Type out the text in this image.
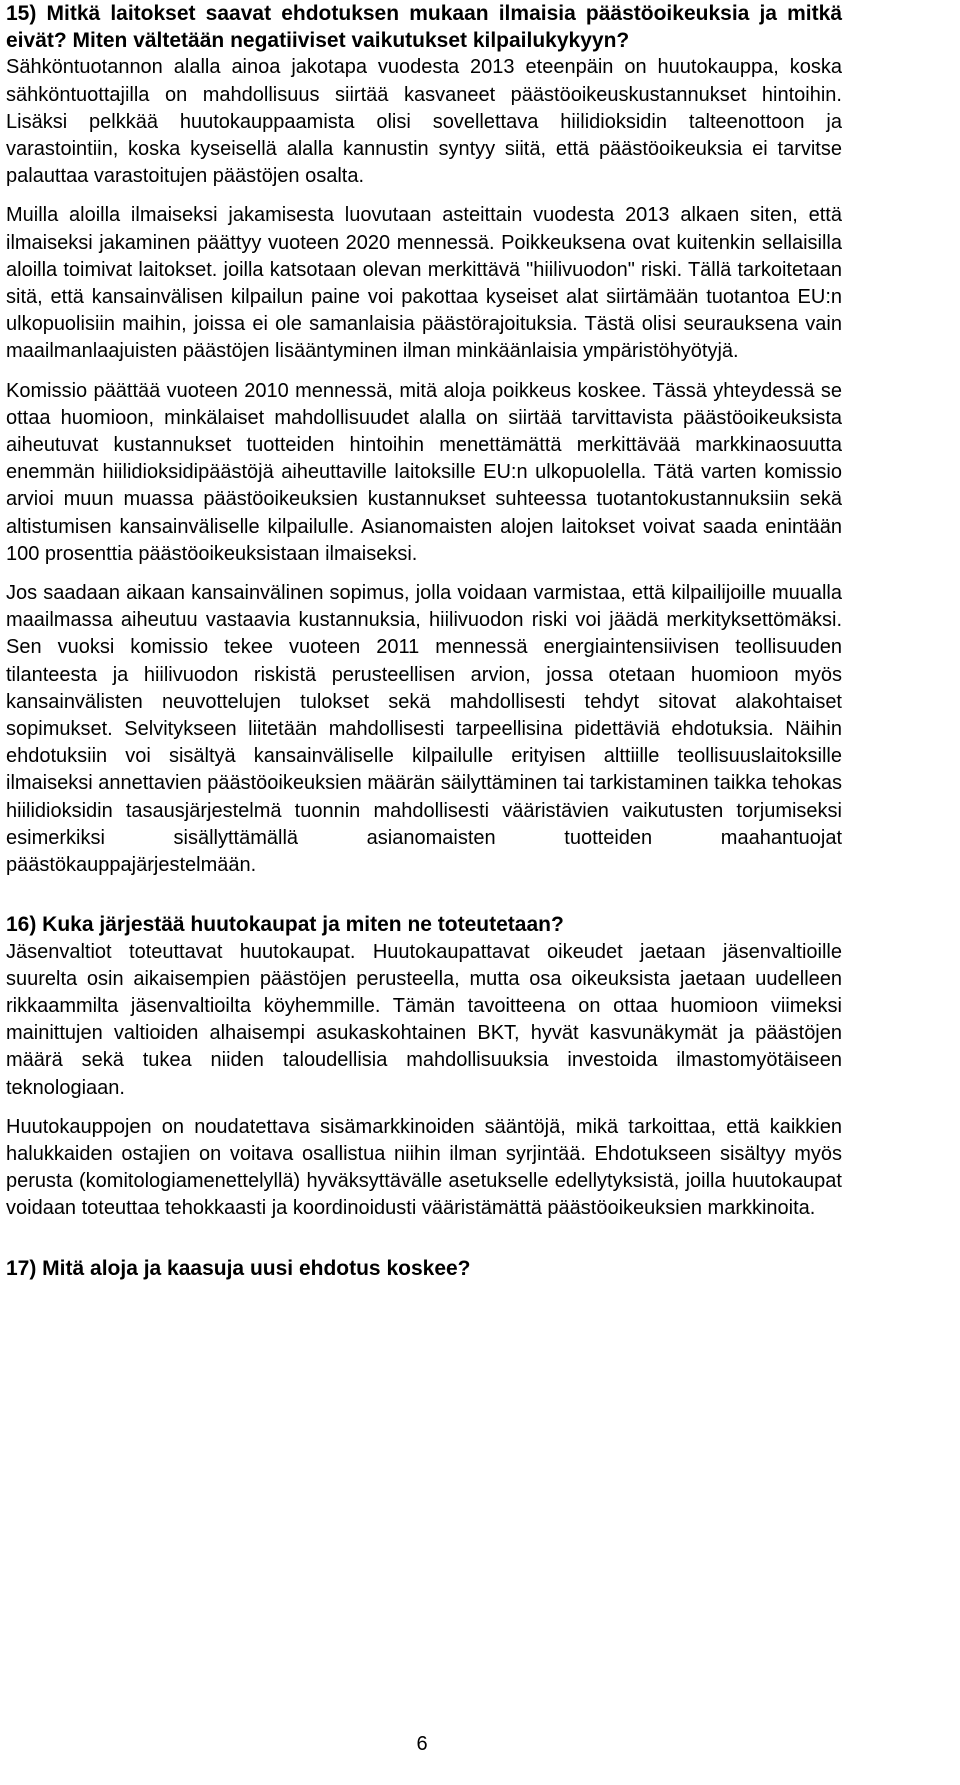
15) Mitkä laitokset saavat ehdotuksen mukaan ilmaisia päästöoikeuksia ja mitkä eivät? Miten vältetään negatiiviset vaikutukset kilpailukykyyn?

Sähköntuotannon alalla ainoa jakotapa vuodesta 2013 eteenpäin on huutokauppa, koska sähköntuottajilla on mahdollisuus siirtää kasvaneet päästöoikeuskustannukset hintoihin. Lisäksi pelkkää huutokauppaamista olisi sovellettava hiilidioksidin talteenottoon ja varastointiin, koska kyseisellä alalla kannustin syntyy siitä, että päästöoikeuksia ei tarvitse palauttaa varastoitujen päästöjen osalta.

Muilla aloilla ilmaiseksi jakamisesta luovutaan asteittain vuodesta 2013 alkaen siten, että ilmaiseksi jakaminen päättyy vuoteen 2020 mennessä. Poikkeuksena ovat kuitenkin sellaisilla aloilla toimivat laitokset. joilla katsotaan olevan merkittävä "hiilivuodon" riski. Tällä tarkoitetaan sitä, että kansainvälisen kilpailun paine voi pakottaa kyseiset alat siirtämään tuotantoa EU:n ulkopuolisiin maihin, joissa ei ole samanlaisia päästörajoituksia. Tästä olisi seurauksena vain maailmanlaajuisten päästöjen lisääntyminen ilman minkäänlaisia ympäristöhyötyjä.

Komissio päättää vuoteen 2010 mennessä, mitä aloja poikkeus koskee. Tässä yhteydessä se ottaa huomioon, minkälaiset mahdollisuudet alalla on siirtää tarvittavista päästöoikeuksista aiheutuvat kustannukset tuotteiden hintoihin menettämättä merkittävää markkinaosuutta enemmän hiilidioksidipäästöjä aiheuttaville laitoksille EU:n ulkopuolella. Tätä varten komissio arvioi muun muassa päästöoikeuksien kustannukset suhteessa tuotantokustannuksiin sekä altistumisen kansainväliselle kilpailulle. Asianomaisten alojen laitokset voivat saada enintään 100 prosenttia päästöoikeuksistaan ilmaiseksi.

Jos saadaan aikaan kansainvälinen sopimus, jolla voidaan varmistaa, että kilpailijoille muualla maailmassa aiheutuu vastaavia kustannuksia, hiilivuodon riski voi jäädä merkityksettömäksi. Sen vuoksi komissio tekee vuoteen 2011 mennessä energiaintensiivisen teollisuuden tilanteesta ja hiilivuodon riskistä perusteellisen arvion, jossa otetaan huomioon myös kansainvälisten neuvottelujen tulokset sekä mahdollisesti tehdyt sitovat alakohtaiset sopimukset. Selvitykseen liitetään mahdollisesti tarpeellisina pidettäviä ehdotuksia. Näihin ehdotuksiin voi sisältyä kansainväliselle kilpailulle erityisen alttiille teollisuuslaitoksille ilmaiseksi annettavien päästöoikeuksien määrän säilyttäminen tai tarkistaminen taikka tehokas hiilidioksidin tasausjärjestelmä tuonnin mahdollisesti vääristävien vaikutusten torjumiseksi esimerkiksi sisällyttämällä asianomaisten tuotteiden maahantuojat päästökauppajärjestelmään.

16) Kuka järjestää huutokaupat ja miten ne toteutetaan?

Jäsenvaltiot toteuttavat huutokaupat. Huutokaupattavat oikeudet jaetaan jäsenvaltioille suurelta osin aikaisempien päästöjen perusteella, mutta osa oikeuksista jaetaan uudelleen rikkaammilta jäsenvaltioilta köyhemmille. Tämän tavoitteena on ottaa huomioon viimeksi mainittujen valtioiden alhaisempi asukaskohtainen BKT, hyvät kasvunäkymät ja päästöjen määrä sekä tukea niiden taloudellisia mahdollisuuksia investoida ilmastomyötäiseen teknologiaan.

Huutokauppojen on noudatettava sisämarkkinoiden sääntöjä, mikä tarkoittaa, että kaikkien halukkaiden ostajien on voitava osallistua niihin ilman syrjintää. Ehdotukseen sisältyy myös perusta (komitologiamenettelyllä) hyväksyttävälle asetukselle edellytyksistä, joilla huutokaupat voidaan toteuttaa tehokkaasti ja koordinoidusti vääristämättä päästöoikeuksien markkinoita.

17) Mitä aloja ja kaasuja uusi ehdotus koskee?

6
